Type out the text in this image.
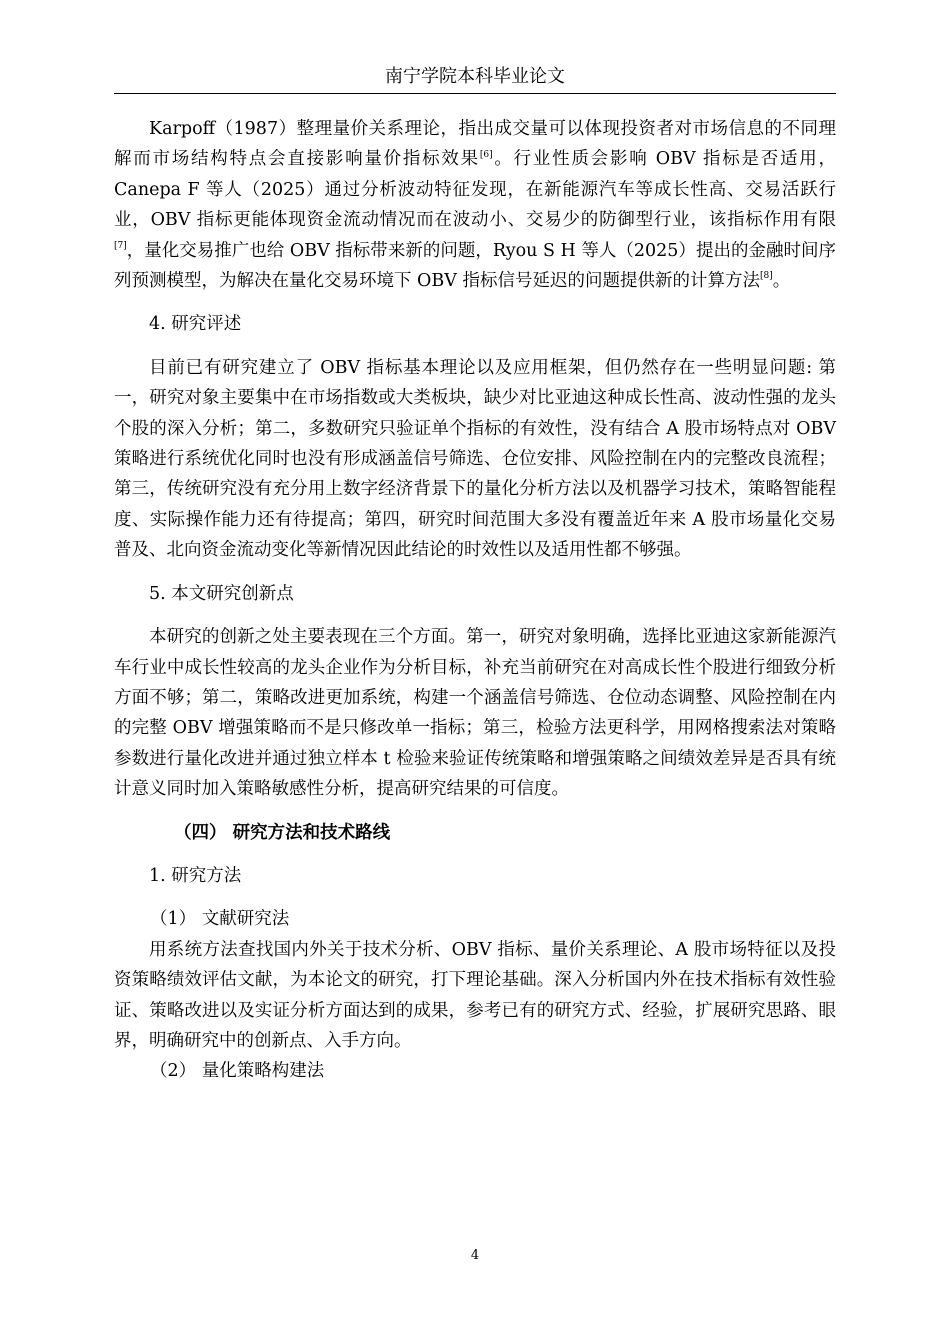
南宁学院本科毕业论文

Karpoff（1987）整理量价关系理论，指出成交量可以体现投资者对市场信息的不同理解而市场结构特点会直接影响量价指标效果[6]。行业性质会影响 OBV 指标是否适用，Canepa F 等人（2025）通过分析波动特征发现，在新能源汽车等成长性高、交易活跃行业，OBV 指标更能体现资金流动情况而在波动小、交易少的防御型行业，该指标作用有限[7]，量化交易推广也给 OBV 指标带来新的问题，Ryou S H 等人（2025）提出的金融时间序列预测模型，为解决在量化交易环境下 OBV 指标信号延迟的问题提供新的计算方法[8]。

4. 研究评述

目前已有研究建立了 OBV 指标基本理论以及应用框架，但仍然存在一些明显问题: 第一，研究对象主要集中在市场指数或大类板块，缺少对比亚迪这种成长性高、波动性强的龙头个股的深入分析；第二，多数研究只验证单个指标的有效性，没有结合 A 股市场特点对 OBV 策略进行系统优化同时也没有形成涵盖信号筛选、仓位安排、风险控制在内的完整改良流程；第三，传统研究没有充分用上数字经济背景下的量化分析方法以及机器学习技术，策略智能程度、实际操作能力还有待提高；第四，研究时间范围大多没有覆盖近年来 A 股市场量化交易普及、北向资金流动变化等新情况因此结论的时效性以及适用性都不够强。

5. 本文研究创新点

本研究的创新之处主要表现在三个方面。第一，研究对象明确，选择比亚迪这家新能源汽车行业中成长性较高的龙头企业作为分析目标，补充当前研究在对高成长性个股进行细致分析方面不够；第二，策略改进更加系统，构建一个涵盖信号筛选、仓位动态调整、风险控制在内的完整 OBV 增强策略而不是只修改单一指标；第三，检验方法更科学，用网格搜索法对策略参数进行量化改进并通过独立样本 t 检验来验证传统策略和增强策略之间绩效差异是否具有统计意义同时加入策略敏感性分析，提高研究结果的可信度。

（四） 研究方法和技术路线

1. 研究方法

（1） 文献研究法

用系统方法查找国内外关于技术分析、OBV 指标、量价关系理论、A 股市场特征以及投资策略绩效评估文献，为本论文的研究，打下理论基础。深入分析国内外在技术指标有效性验证、策略改进以及实证分析方面达到的成果，参考已有的研究方式、经验，扩展研究思路、眼界，明确研究中的创新点、入手方向。

（2） 量化策略构建法

4
